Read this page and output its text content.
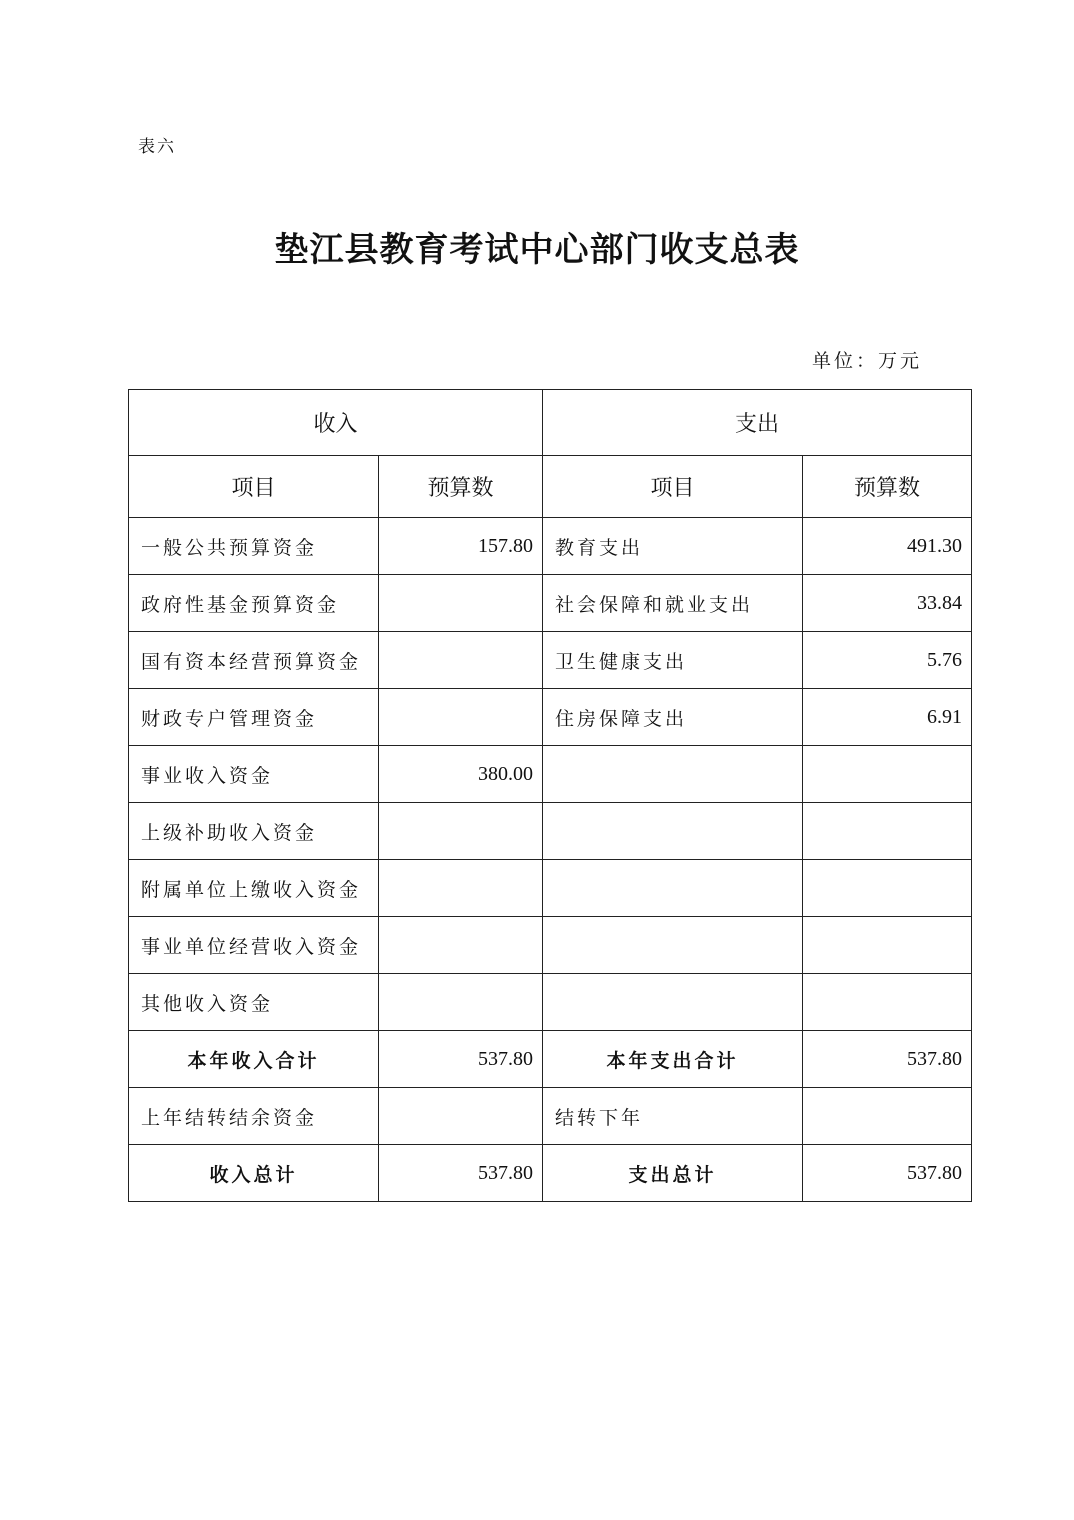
表六
垫江县教育考试中心部门收支总表
单位：万元
收入		支出	
项目	预算数	项目	预算数
一般公共预算资金	157.80	教育支出	491.30
政府性基金预算资金		社会保障和就业支出	33.84
国有资本经营预算资金		卫生健康支出	5.76
财政专户管理资金		住房保障支出	6.91
事业收入资金	380.00		
上级补助收入资金			
附属单位上缴收入资金			
事业单位经营收入资金			
其他收入资金			
本年收入合计	537.80	本年支出合计	537.80
上年结转结余资金		结转下年	
收入总计	537.80	支出总计	537.80
